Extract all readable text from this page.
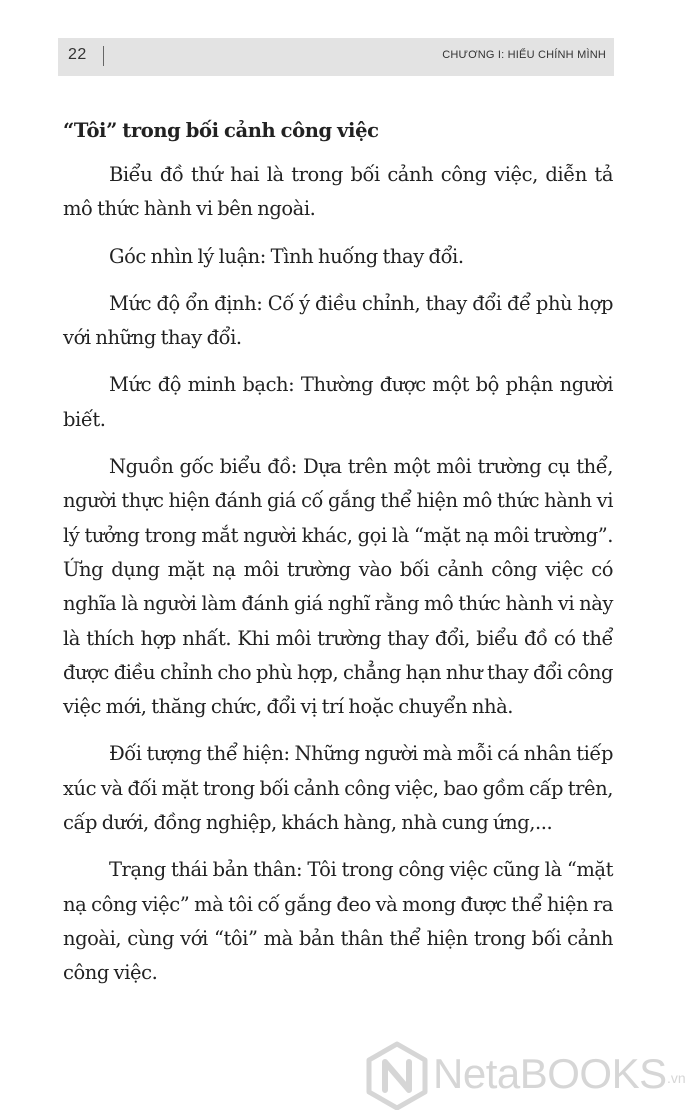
22	CHƯƠNG I: HIỂU CHÍNH MÌNH
“Tôi” trong bối cảnh công việc

Biểu đồ thứ hai là trong bối cảnh công việc, diễn tả mô thức hành vi bên ngoài.

Góc nhìn lý luận: Tình huống thay đổi.

Mức độ ổn định: Cố ý điều chỉnh, thay đổi để phù hợp với những thay đổi.

Mức độ minh bạch: Thường được một bộ phận người biết.

Nguồn gốc biểu đồ: Dựa trên một môi trường cụ thể, người thực hiện đánh giá cố gắng thể hiện mô thức hành vi lý tưởng trong mắt người khác, gọi là “mặt nạ môi trường”. Ứng dụng mặt nạ môi trường vào bối cảnh công việc có nghĩa là người làm đánh giá nghĩ rằng mô thức hành vi này là thích hợp nhất. Khi môi trường thay đổi, biểu đồ có thể được điều chỉnh cho phù hợp, chẳng hạn như thay đổi công việc mới, thăng chức, đổi vị trí hoặc chuyển nhà.

Đối tượng thể hiện: Những người mà mỗi cá nhân tiếp xúc và đối mặt trong bối cảnh công việc, bao gồm cấp trên, cấp dưới, đồng nghiệp, khách hàng, nhà cung ứng,...

Trạng thái bản thân: Tôi trong công việc cũng là “mặt nạ công việc” mà tôi cố gắng đeo và mong được thể hiện ra ngoài, cùng với “tôi” mà bản thân thể hiện trong bối cảnh công việc.

NetaBOOKS .vn
